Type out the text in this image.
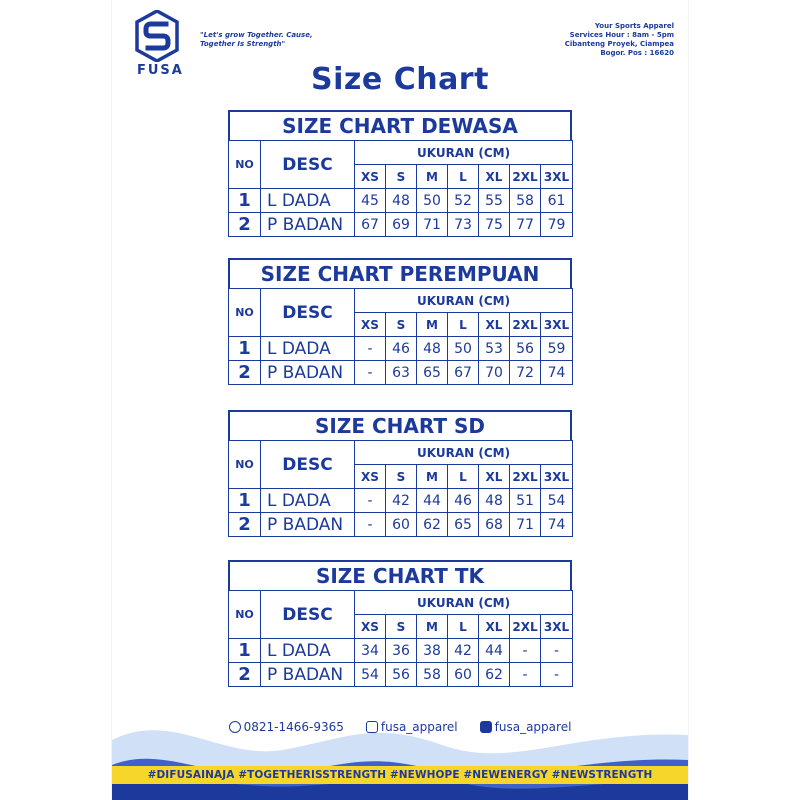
FUSA
"Let's grow Together. Cause,
Together Is Strength"
Your Sports Apparel
Services Hour : 8am - 5pm
Cibanteng Proyek, Ciampea
Bogor. Pos : 16620
Size Chart
SIZE CHART DEWASA
NO	DESC	UKURAN (CM)						
		XS	S	M	L	XL	2XL	3XL
1	L DADA	45	48	50	52	55	58	61
2	P BADAN	67	69	71	73	75	77	79
SIZE CHART PEREMPUAN
NO	DESC	UKURAN (CM)						
		XS	S	M	L	XL	2XL	3XL
1	L DADA	-	46	48	50	53	56	59
2	P BADAN	-	63	65	67	70	72	74
SIZE CHART SD
NO	DESC	UKURAN (CM)						
		XS	S	M	L	XL	2XL	3XL
1	L DADA	-	42	44	46	48	51	54
2	P BADAN	-	60	62	65	68	71	74
SIZE CHART TK
NO	DESC	UKURAN (CM)						
		XS	S	M	L	XL	2XL	3XL
1	L DADA	34	36	38	42	44	-	-
2	P BADAN	54	56	58	60	62	-	-
0821-1466-9365	fusa_apparel	fusa_apparel
#DIFUSAINAJA #TOGETHERISSTRENGTH #NEWHOPE #NEWENERGY #NEWSTRENGTH
